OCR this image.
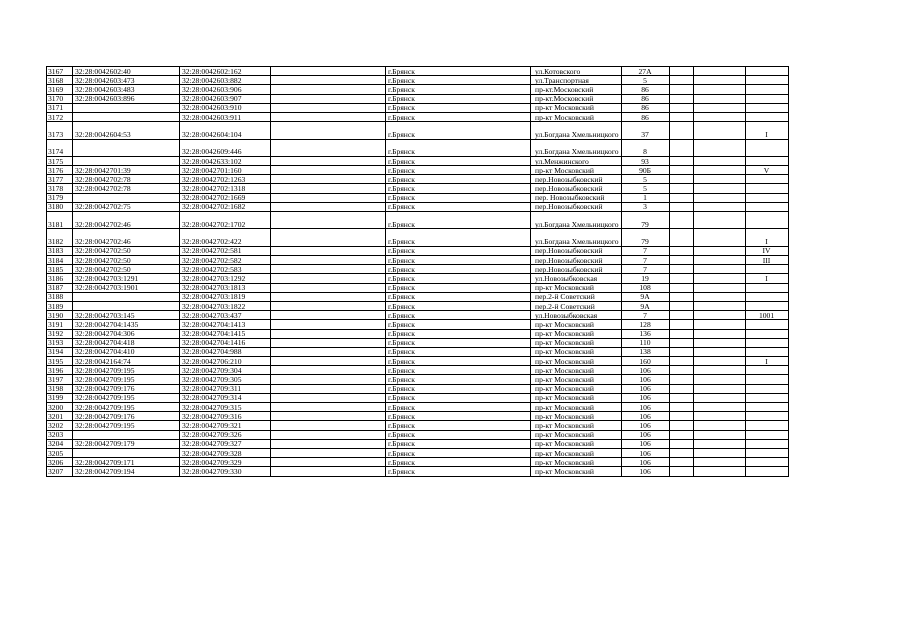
3167	32:28:0042602:40	32:28:0042602:162		г.Брянск	ул.Котовского	27А			
3168	32:28:0042603:473	32:28:0042603:882		г.Брянск	ул.Транспортная	5			
3169	32:28:0042603:483	32:28:0042603:906		г.Брянск	пр-кт.Московский	86			
3170	32:28:0042603:896	32:28:0042603:907		г.Брянск	пр-кт.Московский	86			
3171		32:28:0042603:910		г.Брянск	пр-кт Московский	86			
3172		32:28:0042603:911		г.Брянск	пр-кт Московский	86			
3173	32:28:0042604:53	32:28:0042604:104		г.Брянск	ул.Богдана Хмельницкого	37			I
3174		32:28:0042609:446		г.Брянск	ул.Богдана Хмельницкого	8			
3175		32:28:0042633:102		г.Брянск	ул.Менжинского	93			
3176	32:28:0042701:39	32:28:0042701:160		г.Брянск	пр-кт Московский	90Б			V
3177	32:28:0042702:78	32:28:0042702:1263		г.Брянск	пер.Новозыбковский	5			
3178	32:28:0042702:78	32:28:0042702:1318		г.Брянск	пер.Новозыбковский	5			
3179		32:28:0042702:1669		г.Брянск	пер. Новозыбковский	1			
3180	32:28:0042702:75	32:28:0042702:1682		г.Брянск	пер.Новозыбковский	3			
3181	32:28:0042702:46	32:28:0042702:1702		г.Брянск	ул.Богдана Хмельницкого	79			
3182	32:28:0042702:46	32:28:0042702:422		г.Брянск	ул.Богдана Хмельницкого	79			I
3183	32:28:0042702:50	32:28:0042702:581		г.Брянск	пер.Новозыбковский	7			IV
3184	32:28:0042702:50	32:28:0042702:582		г.Брянск	пер.Новозыбковский	7			III
3185	32:28:0042702:50	32:28:0042702:583		г.Брянск	пер.Новозыбковский	7			
3186	32:28:0042703:1291	32:28:0042703:1292		г.Брянск	ул.Новозыбковская	19			I
3187	32:28:0042703:1901	32:28:0042703:1813		г.Брянск	пр-кт Московский	108			
3188		32:28:0042703:1819		г.Брянск	пер.2-й Советский	9А			
3189		32:28:0042703:1822		г.Брянск	пер.2-й Советский	9А			
3190	32:28:0042703:145	32:28:0042703:437		г.Брянск	ул.Новозыбковская	7			1001
3191	32:28:0042704:1435	32:28:0042704:1413		г.Брянск	пр-кт Московский	128			
3192	32:28:0042704:306	32:28:0042704:1415		г.Брянск	пр-кт Московский	136			
3193	32:28:0042704:418	32:28:0042704:1416		г.Брянск	пр-кт Московский	110			
3194	32:28:0042704:410	32:28:0042704:988		г.Брянск	пр-кт Московский	138			
3195	32:28:0042164:74	32:28:0042706:210		г.Брянск	пр-кт Московский	160			I
3196	32:28:0042709:195	32:28:0042709:304		г.Брянск	пр-кт Московский	106			
3197	32:28:0042709:195	32:28:0042709:305		г.Брянск	пр-кт Московский	106			
3198	32:28:0042709:176	32:28:0042709:311		г.Брянск	пр-кт Московский	106			
3199	32:28:0042709:195	32:28:0042709:314		г.Брянск	пр-кт Московский	106			
3200	32:28:0042709:195	32:28:0042709:315		г.Брянск	пр-кт Московский	106			
3201	32:28:0042709:176	32:28:0042709:316		г.Брянск	пр-кт Московский	106			
3202	32:28:0042709:195	32:28:0042709:321		г.Брянск	пр-кт Московский	106			
3203		32:28:0042709:326		г.Брянск	пр-кт Московский	106			
3204	32:28:0042709:179	32:28:0042709:327		г.Брянск	пр-кт Московский	106			
3205		32:28:0042709:328		г.Брянск	пр-кт Московский	106			
3206	32:28:0042709:171	32:28:0042709:329		г.Брянск	пр-кт Московский	106			
3207	32:28:0042709:194	32:28:0042709:330		г.Брянск	пр-кт Московский	106			
